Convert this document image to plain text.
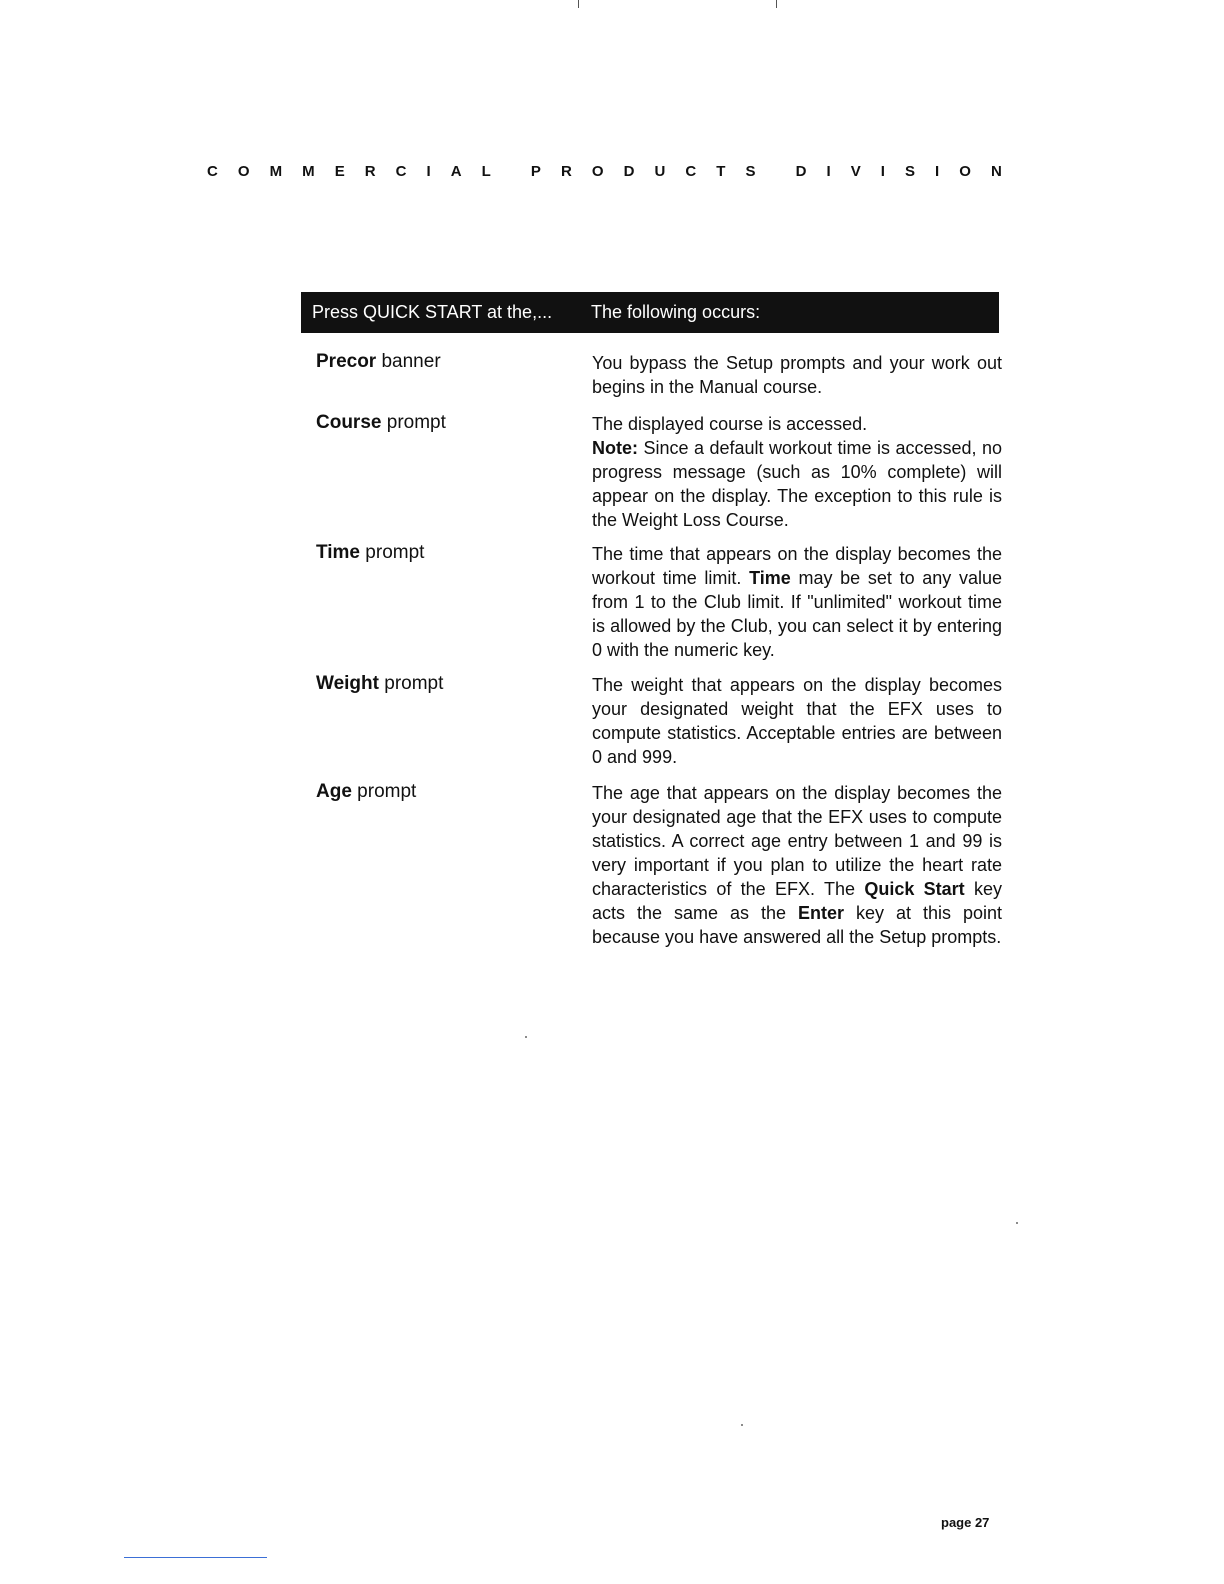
C O M M E R C I A L	P R O D U C T S	D I V I S I O N
Press QUICK START at the,... The following occurs:
Precor banner	You bypass the Setup prompts and your work out begins in the Manual course.
Course prompt	The displayed course is accessed.
Note: Since a default workout time is accessed, no progress message (such as 10% complete) will appear on the display. The exception to this rule is the Weight Loss Course.
Time prompt	The time that appears on the display becomes the workout time limit. Time may be set to any value from 1 to the Club limit. If "unlimited" workout time is allowed by the Club, you can select it by entering 0 with the numeric key.
Weight prompt	The weight that appears on the display becomes your designated weight that the EFX uses to compute statistics. Acceptable entries are between 0 and 999.
Age prompt	The age that appears on the display becomes the your designated age that the EFX uses to compute statistics. A correct age entry between 1 and 99 is very important if you plan to utilize the heart rate characteristics of the EFX. The Quick Start key acts the same as the Enter key at this point because you have answered all the Setup prompts.
page 27
